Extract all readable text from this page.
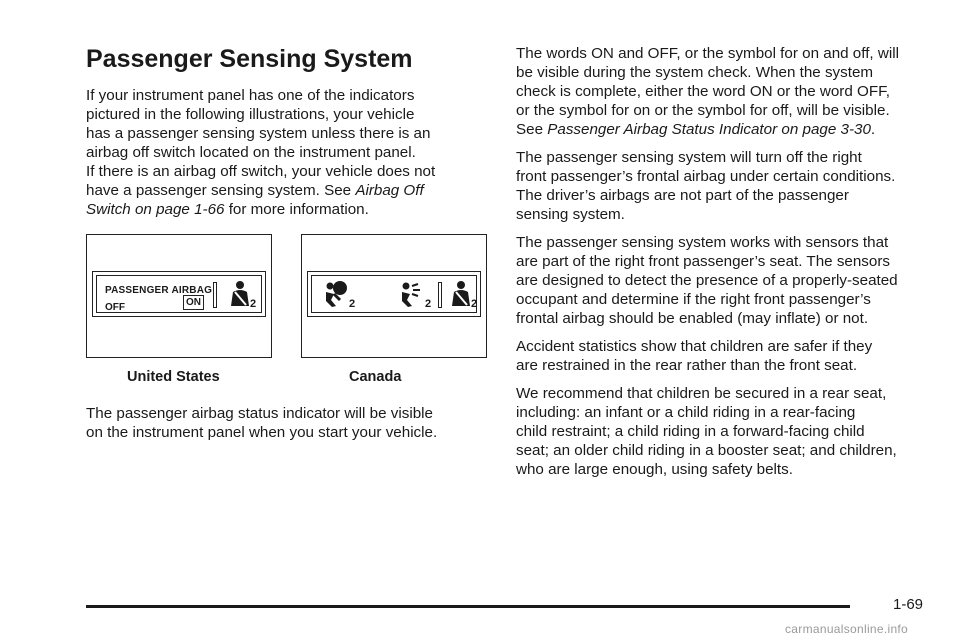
Passenger Sensing System

If your instrument panel has one of the indicators
pictured in the following illustrations, your vehicle
has a passenger sensing system unless there is an
airbag off switch located on the instrument panel.
If there is an airbag off switch, your vehicle does not
have a passenger sensing system. See Airbag Off
Switch on page 1-66 for more information.

PASSENGER AIRBAG
OFF	ON	2	2	2	2
United States	Canada

The passenger airbag status indicator will be visible
on the instrument panel when you start your vehicle.

The words ON and OFF, or the symbol for on and off, will
be visible during the system check. When the system
check is complete, either the word ON or the word OFF,
or the symbol for on or the symbol for off, will be visible.
See Passenger Airbag Status Indicator on page 3-30.

The passenger sensing system will turn off the right
front passenger’s frontal airbag under certain conditions.
The driver’s airbags are not part of the passenger
sensing system.

The passenger sensing system works with sensors that
are part of the right front passenger’s seat. The sensors
are designed to detect the presence of a properly-seated
occupant and determine if the right front passenger’s
frontal airbag should be enabled (may inflate) or not.

Accident statistics show that children are safer if they
are restrained in the rear rather than the front seat.

We recommend that children be secured in a rear seat,
including: an infant or a child riding in a rear-facing
child restraint; a child riding in a forward-facing child
seat; an older child riding in a booster seat; and children,
who are large enough, using safety belts.

1-69
carmanualsonline.info
